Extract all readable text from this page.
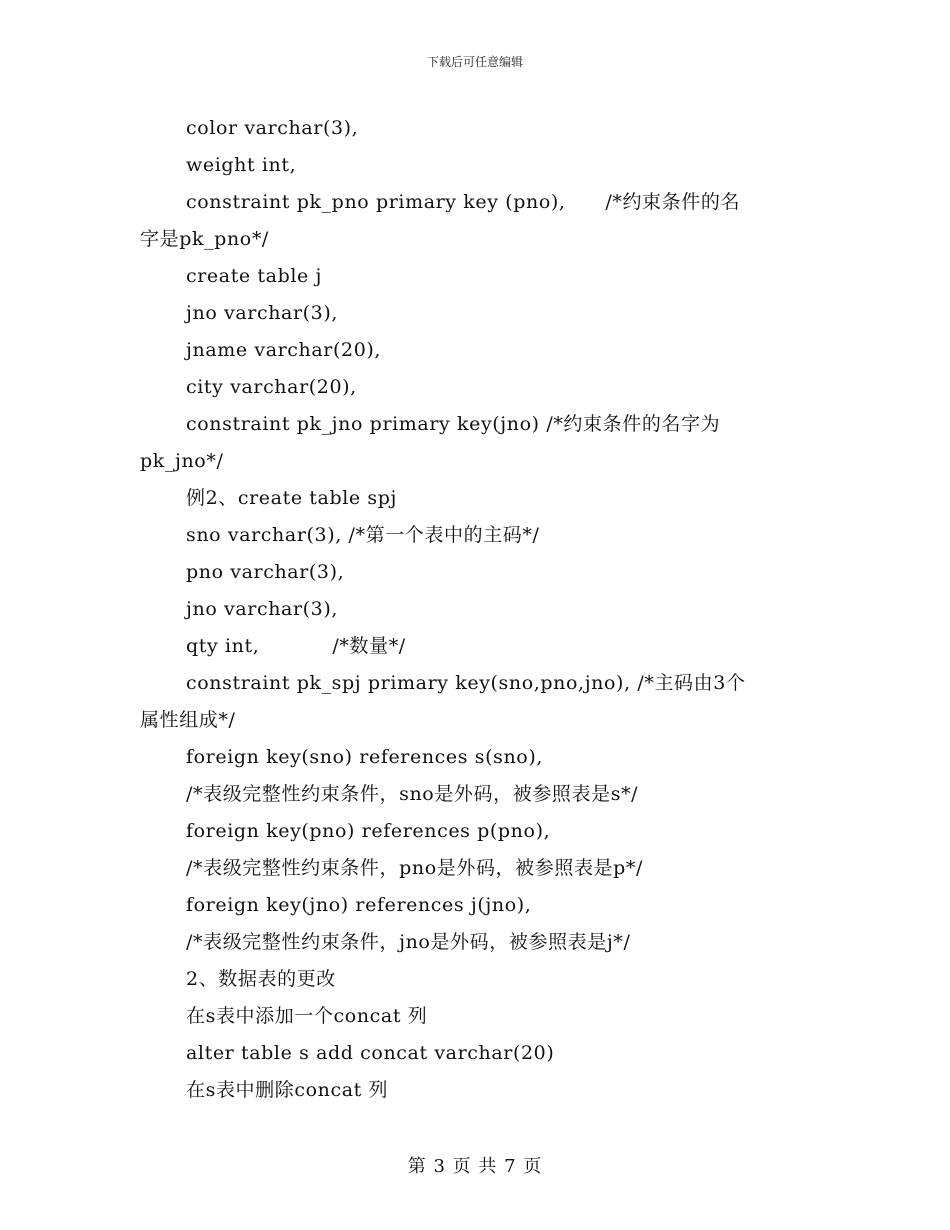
下载后可任意编辑
color varchar(3),
weight int,
constraint pk_pno primary key (pno),      /*约束条件的名
字是pk_pno*/
create table j
jno varchar(3),
jname varchar(20),
city varchar(20),
constraint pk_jno primary key(jno) /*约束条件的名字为
pk_jno*/
例2、create table spj
sno varchar(3), /*第一个表中的主码*/
pno varchar(3),
jno varchar(3),
qty int,           /*数量*/
constraint pk_spj primary key(sno,pno,jno), /*主码由3个
属性组成*/
foreign key(sno) references s(sno),
/*表级完整性约束条件，sno是外码，被参照表是s*/
foreign key(pno) references p(pno),
/*表级完整性约束条件，pno是外码，被参照表是p*/
foreign key(jno) references j(jno),
/*表级完整性约束条件，jno是外码，被参照表是j*/
2、数据表的更改
在s表中添加一个concat 列
alter table s add concat varchar(20)
在s表中删除concat 列
第 3 页 共 7 页
